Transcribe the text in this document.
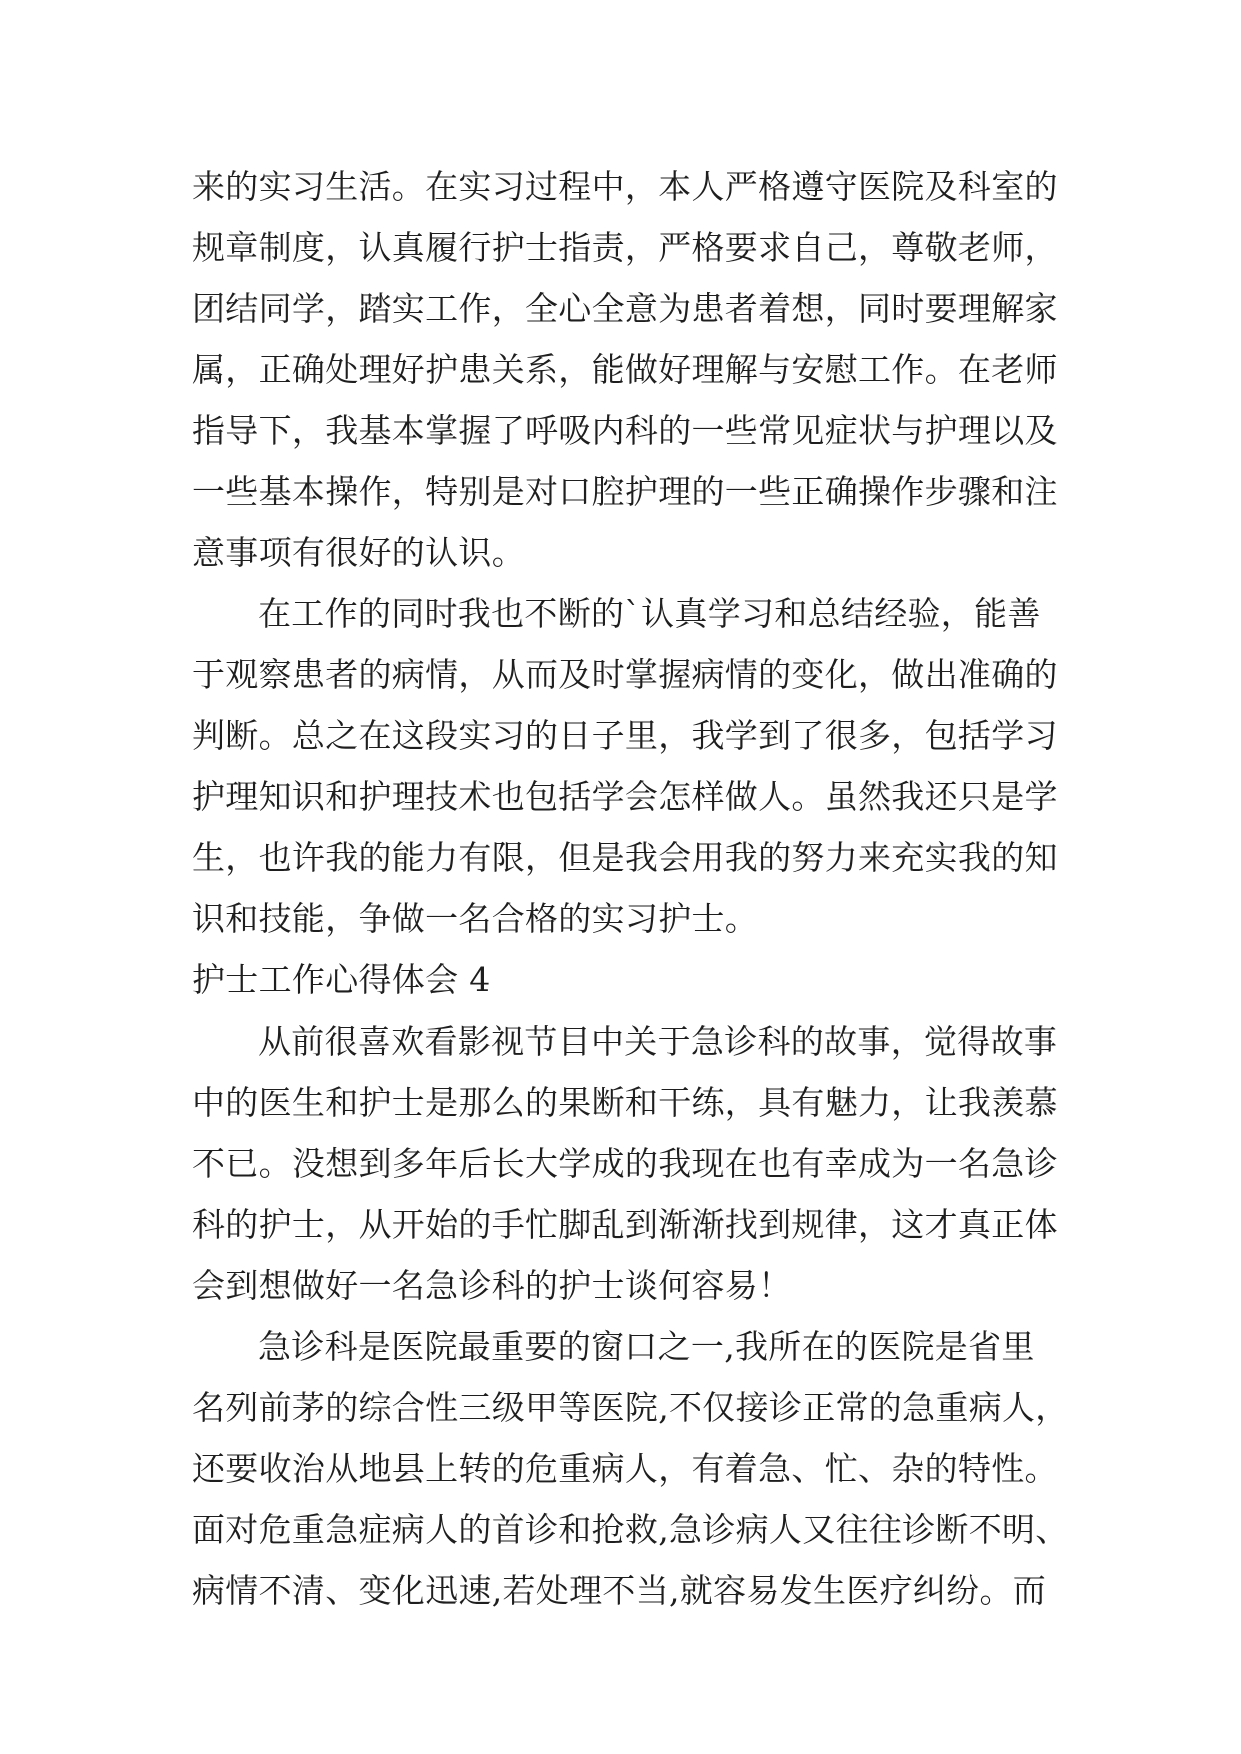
来的实习生活。在实习过程中，本人严格遵守医院及科室的
规章制度，认真履行护士指责，严格要求自己，尊敬老师，
团结同学，踏实工作，全心全意为患者着想，同时要理解家
属，正确处理好护患关系，能做好理解与安慰工作。在老师
指导下，我基本掌握了呼吸内科的一些常见症状与护理以及
一些基本操作，特别是对口腔护理的一些正确操作步骤和注
意事项有很好的认识。
在工作的同时我也不断的`认真学习和总结经验，能善
于观察患者的病情，从而及时掌握病情的变化，做出准确的
判断。总之在这段实习的日子里，我学到了很多，包括学习
护理知识和护理技术也包括学会怎样做人。虽然我还只是学
生，也许我的能力有限，但是我会用我的努力来充实我的知
识和技能，争做一名合格的实习护士。
护士工作心得体会 4
从前很喜欢看影视节目中关于急诊科的故事，觉得故事
中的医生和护士是那么的果断和干练，具有魅力，让我羡慕
不已。没想到多年后长大学成的我现在也有幸成为一名急诊
科的护士，从开始的手忙脚乱到渐渐找到规律，这才真正体
会到想做好一名急诊科的护士谈何容易！
急诊科是医院最重要的窗口之一,我所在的医院是省里
名列前茅的综合性三级甲等医院,不仅接诊正常的急重病人，
还要收治从地县上转的危重病人，有着急、忙、杂的特性。
面对危重急症病人的首诊和抢救,急诊病人又往往诊断不明、
病情不清、变化迅速,若处理不当,就容易发生医疗纠纷。而
